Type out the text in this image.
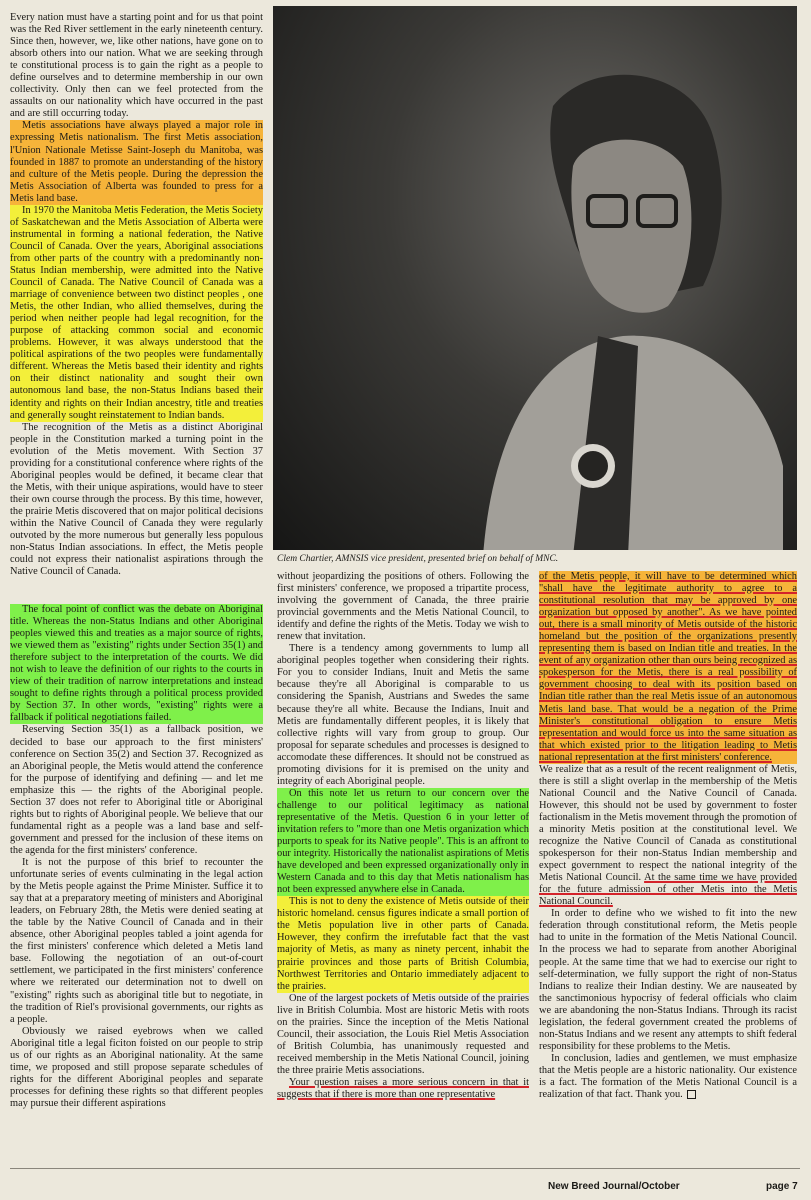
Every nation must have a starting point and for us that point was the Red River settlement in the early nineteenth century. Since then, however, we, like other nations, have gone on to absorb others into our nation. What we are seeking through te constitutional process is to gain the right as a people to define ourselves and to determine membership in our own collectivity. Only then can we feel protected from the assaults on our nationality which have occurred in the past and are still occurring today.

Metis associations have always played a major role in expressing Metis nationalism. The first Metis association, l'Union Nationale Metisse Saint-Joseph du Manitoba, was founded in 1887 to promote an understanding of the history and culture of the Metis people. During the depression the Metis Association of Alberta was founded to press for a Metis land base.

In 1970 the Manitoba Metis Federation, the Metis Society of Saskatchewan and the Metis Association of Alberta were instrumental in forming a national federation, the Native Council of Canada. Over the years, Aboriginal associations from other parts of the country with a predominantly non-Status Indian membership, were admitted into the Native Council of Canada. The Native Council of Canada was a marriage of convenience between two distinct peoples , one Metis, the other Indian, who allied themselves, during the period when neither people had legal recognition, for the purpose of attacking common social and economic problems. However, it was always understood that the political aspirations of the two peoples were fundamentally different. Whereas the Metis based their identity and rights on their distinct nationality and sought their own autonomous land base, the non-Status Indians based their identity and rights on their Indian ancestry, title and treaties and generally sought reinstatement to Indian bands.

The recognition of the Metis as a distinct Aboriginal people in the Constitution marked a turning point in the evolution of the Metis movement. With Section 37 providing for a constitutional conference where rights of the Aboriginal peoples would be defined, it became clear that the Metis, with their unique aspirations, would have to steer their own course through the process. By this time, however, the prairie Metis discovered that on major political decisions within the Native Council of Canada they were regularly outvoted by the more numerous but generally less populous non-Status Indian associations. In effect, the Metis people could not express their nationalist aspirations through the Native Council of Canada.

Clem Chartier, AMNSIS vice president, presented brief on behalf of MNC.

The focal point of conflict was the debate on Aboriginal title. Whereas the non-Status Indians and other Aboriginal peoples viewed this and treaties as a major source of rights, we viewed them as "existing" rights under Section 35(1) and therefore subject to the interpretation of the courts. We did not wish to leave the definition of our rights to the courts in view of their tradition of narrow interpretations and instead sought to define rights through a political process provided by Section 37. In other words, "existing" rights were a fallback if political negotiations failed.

Reserving Section 35(1) as a fallback position, we decided to base our approach to the first ministers' conference on Section 35(2) and Section 37. Recognized as an Aboriginal people, the Metis would attend the conference for the purpose of identifying and defining — and let me emphasize this — the rights of the Aboriginal people. Section 37 does not refer to Aboriginal title or Aboriginal rights but to rights of Aboriginal people. We believe that our fundamental right as a people was a land base and self-government and pressed for the inclusion of these items on the agenda for the first ministers' conference.

It is not the purpose of this brief to recounter the unfortunate series of events culminating in the legal action by the Metis people against the Prime Minister. Suffice it to say that at a preparatory meeting of ministers and Aboriginal leaders, on February 28th, the Metis were denied seating at the table by the Native Council of Canada and in their absence, other Aboriginal peoples tabled a joint agenda for the first ministers' conference which deleted a Metis land base. Following the negotiation of an out-of-court settlement, we participated in the first ministers' conference where we reiterated our determination not to dwell on "existing" rights such as aboriginal title but to negotiate, in the tradition of Riel's provisional governments, our rights as a people.

Obviously we raised eyebrows when we called Aboriginal title a legal ficiton foisted on our people to strip us of our rights as an Aboriginal nationality. At the same time, we proposed and still propose separate schedules of rights for the different Aboriginal peoples and separate processes for defining these rights so that different peoples may pursue their different aspirations

without jeopardizing the positions of others. Following the first ministers' conference, we proposed a tripartite process, involving the government of Canada, the three prairie provincial governments and the Metis National Council, to identify and define the rights of the Metis. Today we wish to renew that invitation.

There is a tendency among governments to lump all aboriginal peoples together when considering their rights. For you to consider Indians, Inuit and Metis the same because they're all Aboriginal is comparable to us considering the Spanish, Austrians and Swedes the same because they're all white. Because the Indians, Inuit and Metis are fundamentally different peoples, it is likely that collective rights will vary from group to group. Our proposal for separate schedules and processes is designed to accomodate these differences. It should not be construed as promoting divisions for it is premised on the unity and integrity of each Aboriginal people.

On this note let us return to our concern over the challenge to our political legitimacy as national representative of the Metis. Question 6 in your letter of invitation refers to "more than one Metis organization which purports to speak for its Native people". This is an affront to our integrity. Historically the nationalist aspirations of Metis have developed and been expressed organizationally only in Western Canada and to this day that Metis nationalism has not been expressed anywhere else in Canada.

This is not to deny the existence of Metis outside of their historic homeland. census figures indicate a small portion of the Metis population live in other parts of Canada. However, they confirm the irrefutable fact that the vast majority of Metis, as many as ninety percent, inhabit the prairie provinces and those parts of British Columbia, Northwest Territories and Ontario immediately adjacent to the prairies.

One of the largest pockets of Metis outside of the prairies live in British Columbia. Most are historic Metis with roots on the prairies. Since the inception of the Metis National Council, their association, the Louis Riel Metis Association of British Columbia, has unanimously requested and received membership in the Metis National Council, joining the three prairie Metis associations.

Your question raises a more serious concern in that it suggests that if there is more than one representative

of the Metis people, it will have to be determined which "shall have the legitimate authority to agree to a constitutional resolution that may be approved by one organization but opposed by another". As we have pointed out, there is a small minority of Metis outside of the historic homeland but the position of the organizations presently representing them is based on Indian title and treaties. In the event of any organization other than ours being recognized as spokesperson for the Metis, there is a real possibility of government choosing to deal with its position based on Indian title rather than the real Metis issue of an autonomous Metis land base. That would be a negation of the Prime Minister's constitutional obligation to ensure Metis representation and would force us into the same situation as that which existed prior to the litigation leading to Metis national representation at the first ministers' conference.

We realize that as a result of the recent realignment of Metis, there is still a slight overlap in the membership of the Metis National Council and the Native Council of Canada. However, this should not be used by government to foster factionalism in the Metis movement through the promotion of a minority Metis position at the constitutional level. We recognize the Native Council of Canada as constitutional spokesperson for their non-Status Indian membership and expect government to respect the national integrity of the Metis National Council. At the same time we have provided for the future admission of other Metis into the Metis National Council.

In order to define who we wished to fit into the new federation through constitutional reform, the Metis people had to unite in the formation of the Metis National Council. In the process we had to separate from another Aboriginal people. At the same time that we had to exercise our right to self-determination, we fully support the right of non-Status Indians to realize their Indian destiny. We are nauseated by the sanctimonious hypocrisy of federal officials who claim we are abandoning the non-Status Indians. Through its racist legislation, the federal government created the problems of non-Status Indians and we resent any attempts to shift federal responsibility for these problems to the Metis.

In conclusion, ladies and gentlemen, we must emphasize that the Metis people are a historic nationality. Our existence is a fact. The formation of the Metis National Council is a realization of that fact. Thank you.

New Breed Journal/October	page 7
